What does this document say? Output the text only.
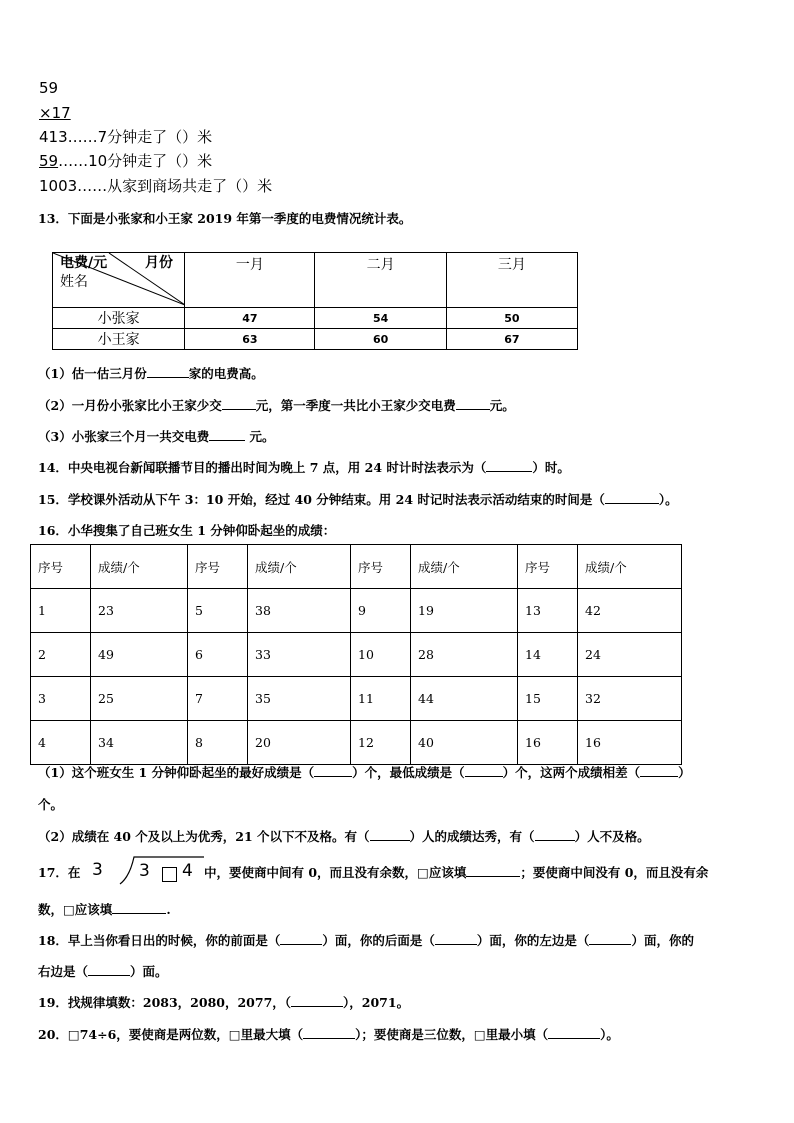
59
×17
413……7分钟走了（）米
59……10分钟走了（）米
1003……从家到商场共走了（）米
13．下面是小张家和小王家 2019 年第一季度的电费情况统计表。
电费/元 月份
姓名	一月	二月	三月
小张家	47	54	50
小王家	63	60	67
（1）估一估三月份	家的电费高。
（2）一月份小张家比小王家少交	元，第一季度一共比小王家少交电费	元。
（3）小张家三个月一共交电费	元。
14．中央电视台新闻联播节目的播出时间为晚上 7 点，用 24 时计时法表示为（	）时。
15．学校课外活动从下午 3：10 开始，经过 40 分钟结束。用 24 时记时法表示活动结束的时间是（	）。
16．小华搜集了自己班女生 1 分钟仰卧起坐的成绩：
序号	成绩/个	序号	成绩/个	序号	成绩/个	序号	成绩/个
1	23	5	38	9	19	13	42
2	49	6	33	10	28	14	24
3	25	7	35	11	44	15	32
4	34	8	20	12	40	16	16
（1）这个班女生 1 分钟仰卧起坐的最好成绩是（	）个，最低成绩是（	）个，这两个成绩相差（	）
个。
（2）成绩在 40 个及以上为优秀，21 个以下不及格。有（	）人的成绩达秀，有（	）人不及格。
17．在 3 3 4 中，要使商中间有 0，而且没有余数，□应该填	；要使商中间没有 0，而且没有余
数，□应该填	.
18．早上当你看日出的时候，你的前面是（	）面，你的后面是（	）面，你的左边是（	）面，你的
右边是（	）面。
19．找规律填数：2083，2080，2077，（	），2071。
20．□74÷6，要使商是两位数，□里最大填（	）；要使商是三位数，□里最小填（	）。
